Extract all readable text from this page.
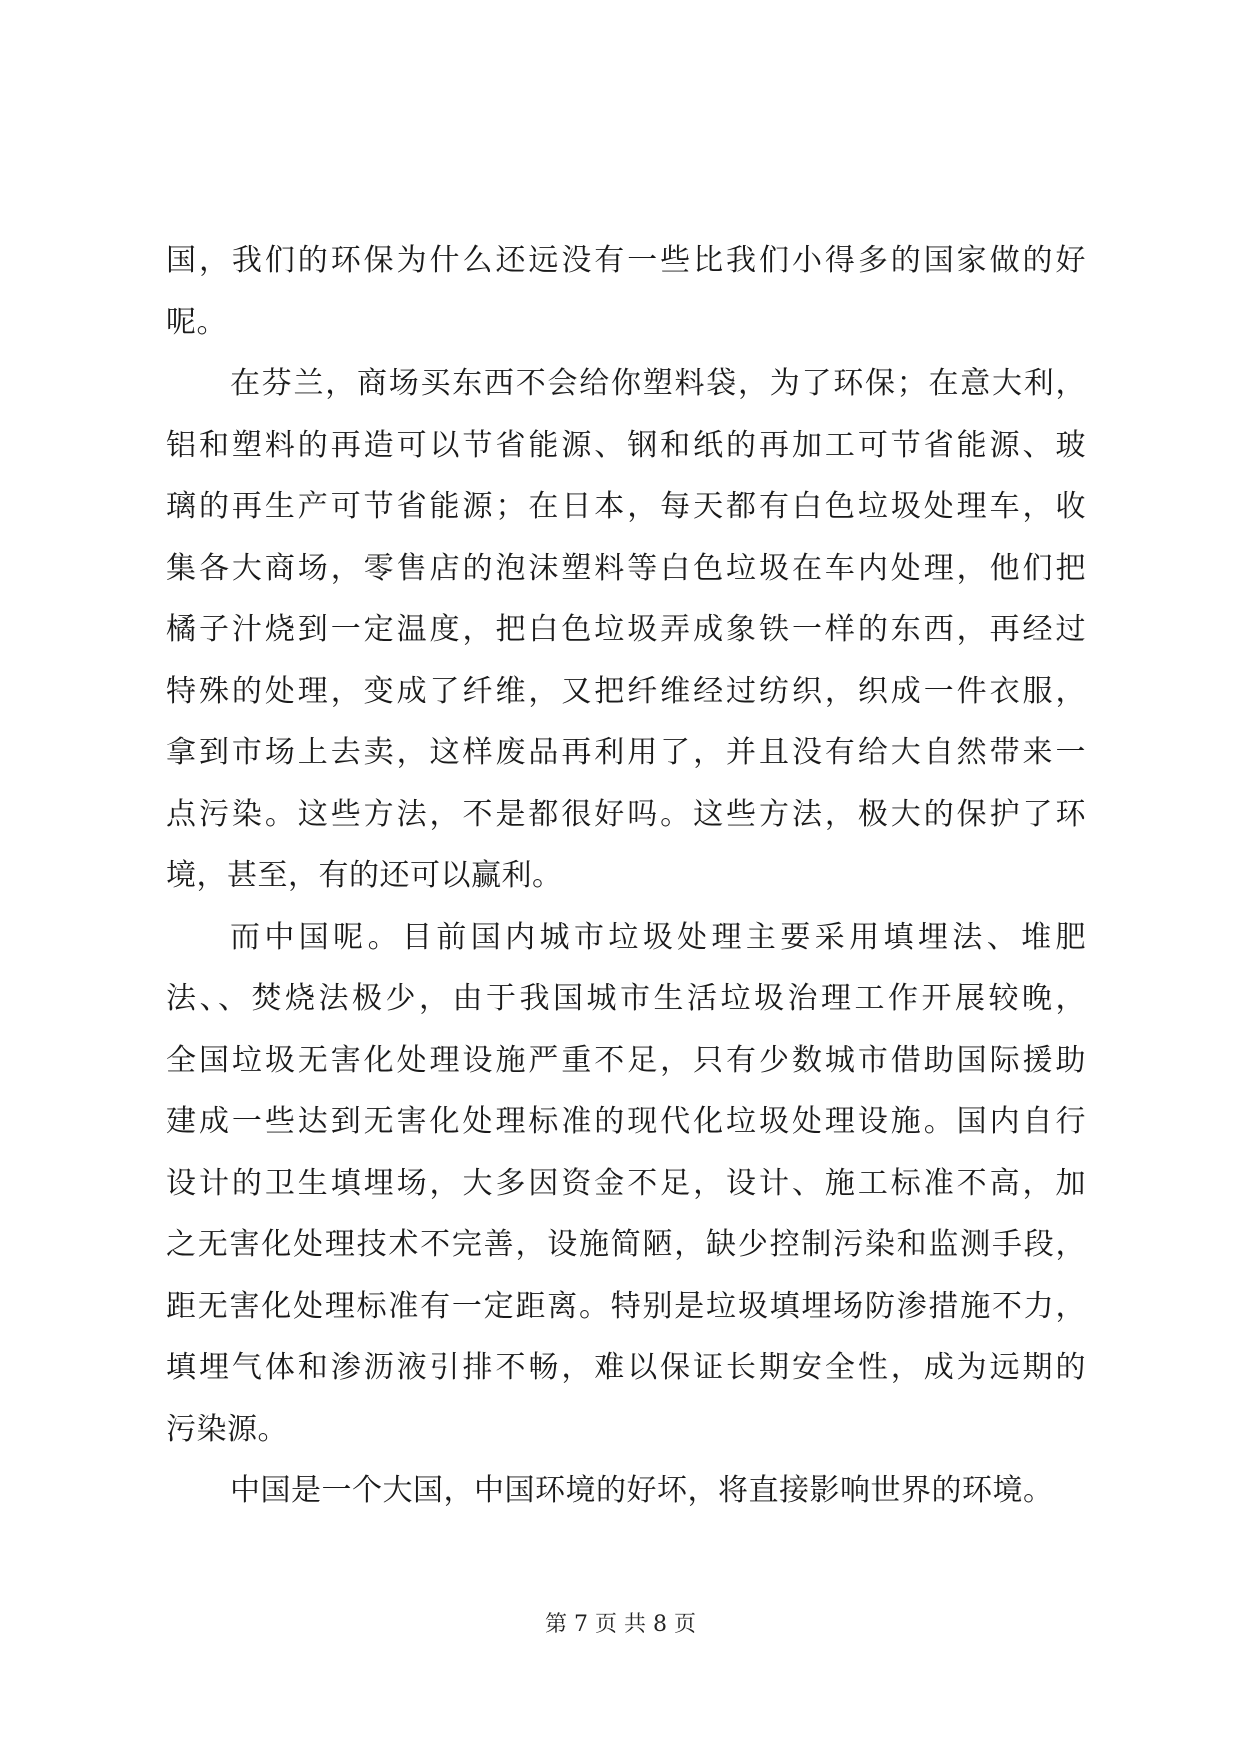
国，我们的环保为什么还远没有一些比我们小得多的国家做的好
呢。
在芬兰，商场买东西不会给你塑料袋，为了环保；在意大利，
铝和塑料的再造可以节省能源、钢和纸的再加工可节省能源、玻
璃的再生产可节省能源；在日本，每天都有白色垃圾处理车，收
集各大商场，零售店的泡沫塑料等白色垃圾在车内处理，他们把
橘子汁烧到一定温度，把白色垃圾弄成象铁一样的东西，再经过
特殊的处理，变成了纤维，又把纤维经过纺织，织成一件衣服，
拿到市场上去卖，这样废品再利用了，并且没有给大自然带来一
点污染。这些方法，不是都很好吗。这些方法，极大的保护了环
境，甚至，有的还可以赢利。
而中国呢。目前国内城市垃圾处理主要采用填埋法、堆肥
法、、焚烧法极少，由于我国城市生活垃圾治理工作开展较晚，
全国垃圾无害化处理设施严重不足，只有少数城市借助国际援助
建成一些达到无害化处理标准的现代化垃圾处理设施。国内自行
设计的卫生填埋场，大多因资金不足，设计、施工标准不高，加
之无害化处理技术不完善，设施简陋，缺少控制污染和监测手段，
距无害化处理标准有一定距离。特别是垃圾填埋场防渗措施不力，
填埋气体和渗沥液引排不畅，难以保证长期安全性，成为远期的
污染源。
中国是一个大国，中国环境的好坏，将直接影响世界的环境。
第 7 页 共 8 页
